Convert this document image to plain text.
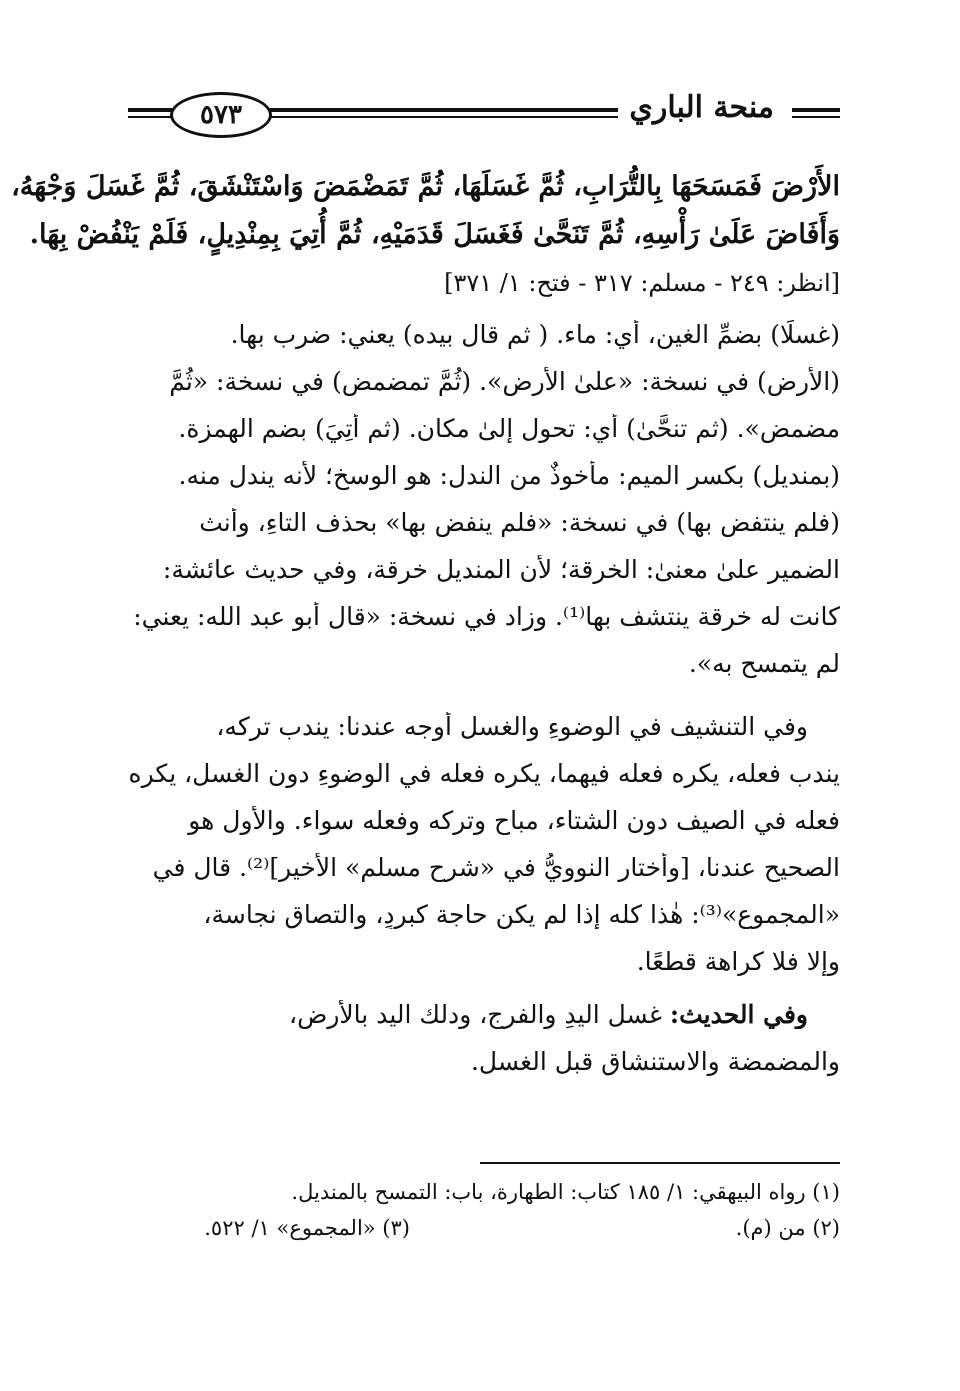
منحة الباري
٥٧٣
الأَرْضَ فَمَسَحَهَا بِالتُّرَابِ، ثُمَّ غَسَلَهَا، ثُمَّ تَمَضْمَضَ وَاسْتَنْشَقَ، ثُمَّ غَسَلَ وَجْهَهُ،
وَأَفَاضَ عَلَىٰ رَأْسِهِ، ثُمَّ تَنَحَّىٰ فَغَسَلَ قَدَمَيْهِ، ثُمَّ أُتِيَ بِمِنْدِيلٍ، فَلَمْ يَنْفُضْ بِهَا.
[انظر: ٢٤٩ - مسلم: ٣١٧ - فتح: ١/ ٣٧١]
(غسلًا) بضمِّ الغين، أي: ماء. ( ثم قال بيده) يعني: ضرب بها.
(الأرض) في نسخة: «علىٰ الأرض». (ثُمَّ تمضمض) في نسخة: «ثُمَّ
مضمض». (ثم تنحَّىٰ) أي: تحول إلىٰ مكان. (ثم أُتِيَ) بضم الهمزة.
(بمنديل) بكسر الميم: مأخوذٌ من الندل: هو الوسخ؛ لأنه يندل منه.
(فلم ينتفض بها) في نسخة: «فلم ينفض بها» بحذف التاءِ، وأنث
الضمير علىٰ معنىٰ: الخرقة؛ لأن المنديل خرقة، وفي حديث عائشة:
كانت له خرقة ينتشف بها⁽¹⁾. وزاد في نسخة: «قال أبو عبد الله: يعني:
لم يتمسح به».
وفي التنشيف في الوضوءِ والغسل أوجه عندنا: يندب تركه،
يندب فعله، يكره فعله فيهما، يكره فعله في الوضوءِ دون الغسل، يكره
فعله في الصيف دون الشتاء، مباح وتركه وفعله سواء. والأول هو
الصحيح عندنا، [وأختار النوويُّ في «شرح مسلم» الأخير]⁽²⁾. قال في
«المجموع»⁽³⁾: هٰذا كله إذا لم يكن حاجة كبردٍ، والتصاق نجاسة،
وإلا فلا كراهة قطعًا.
وفي الحديث: غسل اليدِ والفرج، ودلك اليد بالأرض،
والمضمضة والاستنشاق قبل الغسل.
(١) رواه البيهقي: ١/ ١٨٥ كتاب: الطهارة، باب: التمسح بالمنديل.
(٢) من (م).
(٣) «المجموع» ١/ ٥٢٢.
